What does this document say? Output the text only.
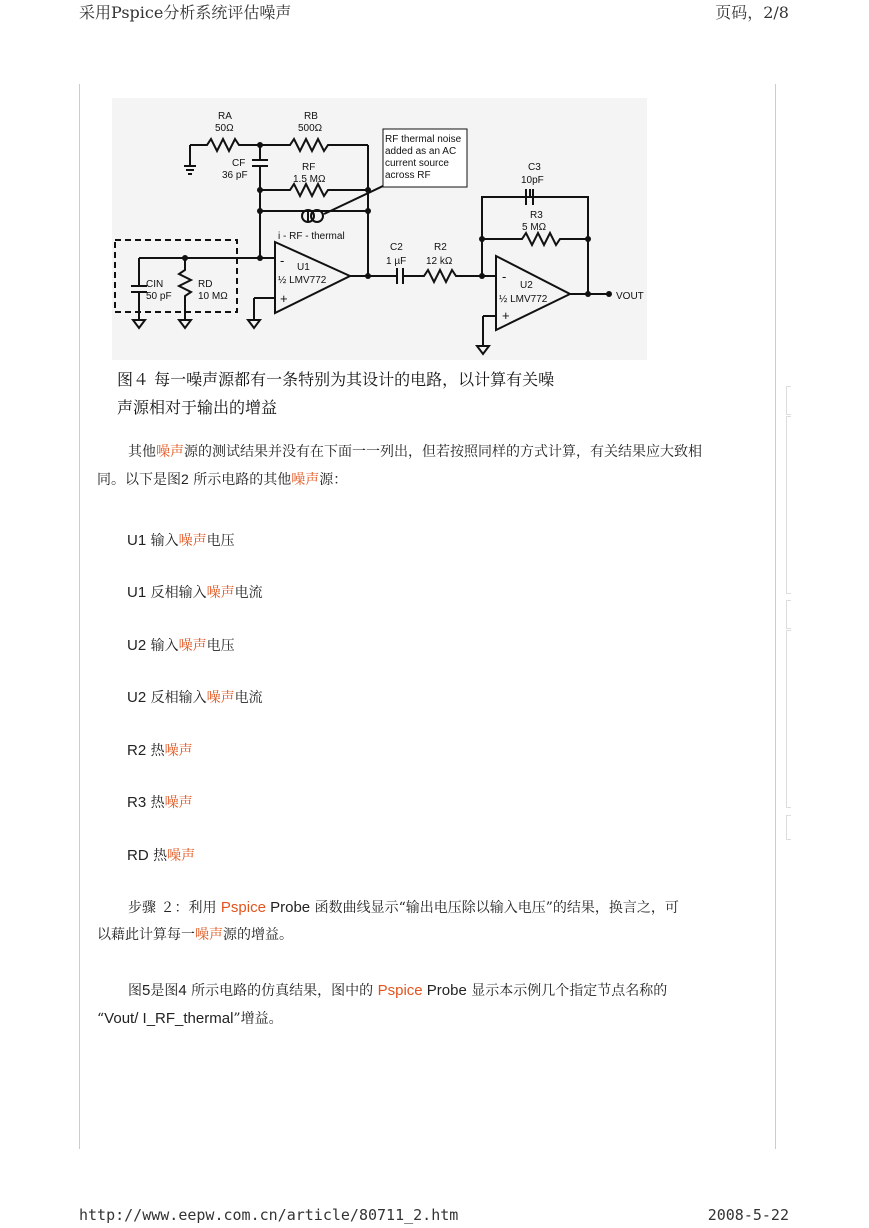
采用Pspice分析系统评估噪声	页码，2/8
RA
50Ω
RB
500Ω
CF
36 pF
RF
1.5 MΩ
RF thermal noise
added as an AC
current source
across RF
i - RF - thermal
U1
½ LMV772
-
+
C2
1 µF
R2
12 kΩ
C3
10pF
R3
5 MΩ
U2
½ LMV772
-
+
VOUT
CIN
50 pF
RD
10 MΩ
图４ 每一噪声源都有一条特别为其设计的电路，以计算有关噪
声源相对于输出的增益
其他噪声源的测试结果并没有在下面一一列出，但若按照同样的方式计算，有关结果应大致相
同。以下是图2 所示电路的其他噪声源：
U1 输入噪声电压
U1 反相输入噪声电流
U2 输入噪声电压
U2 反相输入噪声电流
R2 热噪声
R3 热噪声
RD 热噪声
步骤 ２：利用 Pspice Probe 函数曲线显示“输出电压除以输入电压”的结果，换言之，可
以藉此计算每一噪声源的增益。
图5是图4 所示电路的仿真结果，图中的 Pspice Probe 显示本示例几个指定节点名称的
“Vout/ I_RF_thermal”增益。
http://www.eepw.com.cn/article/80711_2.htm	2008-5-22
